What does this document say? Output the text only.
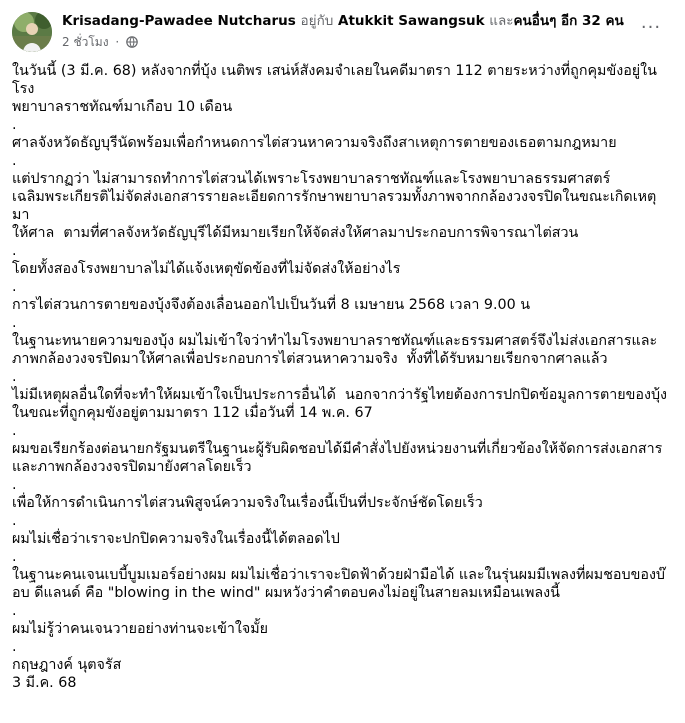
Krisadang-Pawadee Nutcharus อยู่กับ Atukkit Sawangsuk และคนอื่นๆ อีก 32 คน
2 ชั่วโมง ·
···

ในวันนี้ (3 มี.ค. 68) หลังจากที่บุ้ง เนติพร เสน่ห์สังคมจำเลยในคดีมาตรา 112 ตายระหว่างที่ถูกคุมขังอยู่ในโรง
พยาบาลราชทัณฑ์มาเกือบ 10 เดือน

.

ศาลจังหวัดธัญบุรีนัดพร้อมเพื่อกำหนดการไต่สวนหาความจริงถึงสาเหตุการตายของเธอตามกฎหมาย

.

แต่ปรากฏว่า ไม่สามารถทำการไต่สวนได้เพราะโรงพยาบาลราชทัณฑ์และโรงพยาบาลธรรมศาสตร์
เฉลิมพระเกียรติไม่จัดส่งเอกสารรายละเอียดการรักษาพยาบาลรวมทั้งภาพจากกล้องวงจรปิดในขณะเกิดเหตุมา
ให้ศาล  ตามที่ศาลจังหวัดธัญบุรีได้มีหมายเรียกให้จัดส่งให้ศาลมาประกอบการพิจารณาไต่สวน

.

โดยทั้งสองโรงพยาบาลไม่ได้แจ้งเหตุขัดข้องที่ไม่จัดส่งให้อย่างไร

.

การไต่สวนการตายของบุ้งจึงต้องเลื่อนออกไปเป็นวันที่ 8 เมษายน 2568 เวลา 9.00 น

.

ในฐานะทนายความของบุ้ง ผมไม่เข้าใจว่าทำไมโรงพยาบาลราชทัณฑ์และธรรมศาสตร์จึงไม่ส่งเอกสารและ
ภาพกล้องวงจรปิดมาให้ศาลเพื่อประกอบการไต่สวนหาความจริง  ทั้งที่ได้รับหมายเรียกจากศาลแล้ว

.

ไม่มีเหตุผลอื่นใดที่จะทำให้ผมเข้าใจเป็นประการอื่นได้  นอกจากว่ารัฐไทยต้องการปกปิดข้อมูลการตายของบุ้ง
ในขณะที่ถูกคุมขังอยู่ตามมาตรา 112 เมื่อวันที่ 14 พ.ค. 67

.

ผมขอเรียกร้องต่อนายกรัฐมนตรีในฐานะผู้รับผิดชอบได้มีคำสั่งไปยังหน่วยงานที่เกี่ยวข้องให้จัดการส่งเอกสาร
และภาพกล้องวงจรปิดมายังศาลโดยเร็ว

.

เพื่อให้การดำเนินการไต่สวนพิสูจน์ความจริงในเรื่องนี้เป็นที่ประจักษ์ชัดโดยเร็ว

.

ผมไม่เชื่อว่าเราจะปกปิดความจริงในเรื่องนี้ได้ตลอดไป

.

ในฐานะคนเจนเบบี้บูมเมอร์อย่างผม ผมไม่เชื่อว่าเราจะปิดฟ้าด้วยฝ่ามือได้ และในรุ่นผมมีเพลงที่ผมชอบของบ๊
อบ ดีแลนด์ คือ "blowing in the wind" ผมหวังว่าคำตอบคงไม่อยู่ในสายลมเหมือนเพลงนี้

.

ผมไม่รู้ว่าคนเจนวายอย่างท่านจะเข้าใจมั้ย

.

กฤษฎางค์ นุตจรัส

3 มี.ค. 68
